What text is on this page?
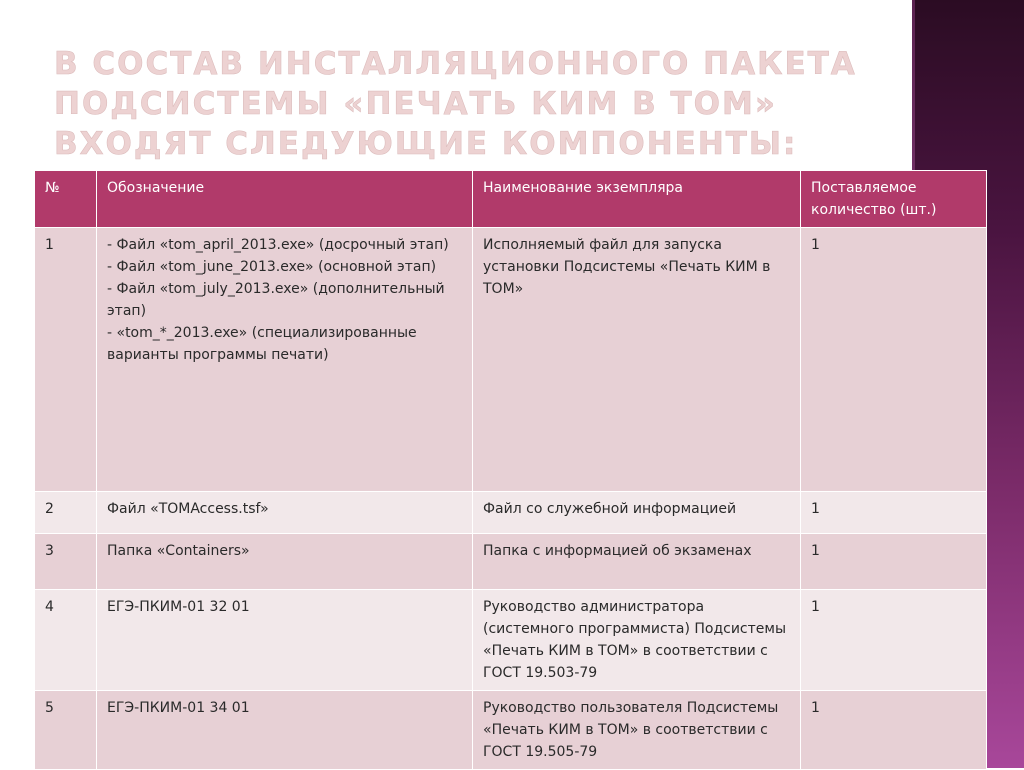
В СОСТАВ ИНСТАЛЛЯЦИОННОГО ПАКЕТА ПОДСИСТЕМЫ «ПЕЧАТЬ КИМ В ТОМ» ВХОДЯТ СЛЕДУЮЩИЕ КОМПОНЕНТЫ:
№	Обозначение	Наименование экземпляра	Поставляемое количество (шт.)
1	- Файл «tom_april_2013.exe» (досрочный этап)
- Файл «tom_june_2013.exe» (основной этап)
- Файл «tom_july_2013.exe» (дополнительный этап)
- «tom_*_2013.exe» (специализированные варианты программы печати)	Исполняемый файл для запуска установки Подсистемы «Печать КИМ в ТОМ»	1
2	Файл «TOMAccess.tsf»	Файл со служебной информацией	1
3	Папка «Containers»	Папка с информацией об экзаменах	1
4	ЕГЭ-ПКИМ-01 32 01	Руководство администратора (системного программиста) Подсистемы «Печать КИМ в ТОМ» в соответствии с ГОСТ 19.503-79	1
5	ЕГЭ-ПКИМ-01 34 01	Руководство пользователя Подсистемы «Печать КИМ в ТОМ» в соответствии с ГОСТ 19.505-79	1
